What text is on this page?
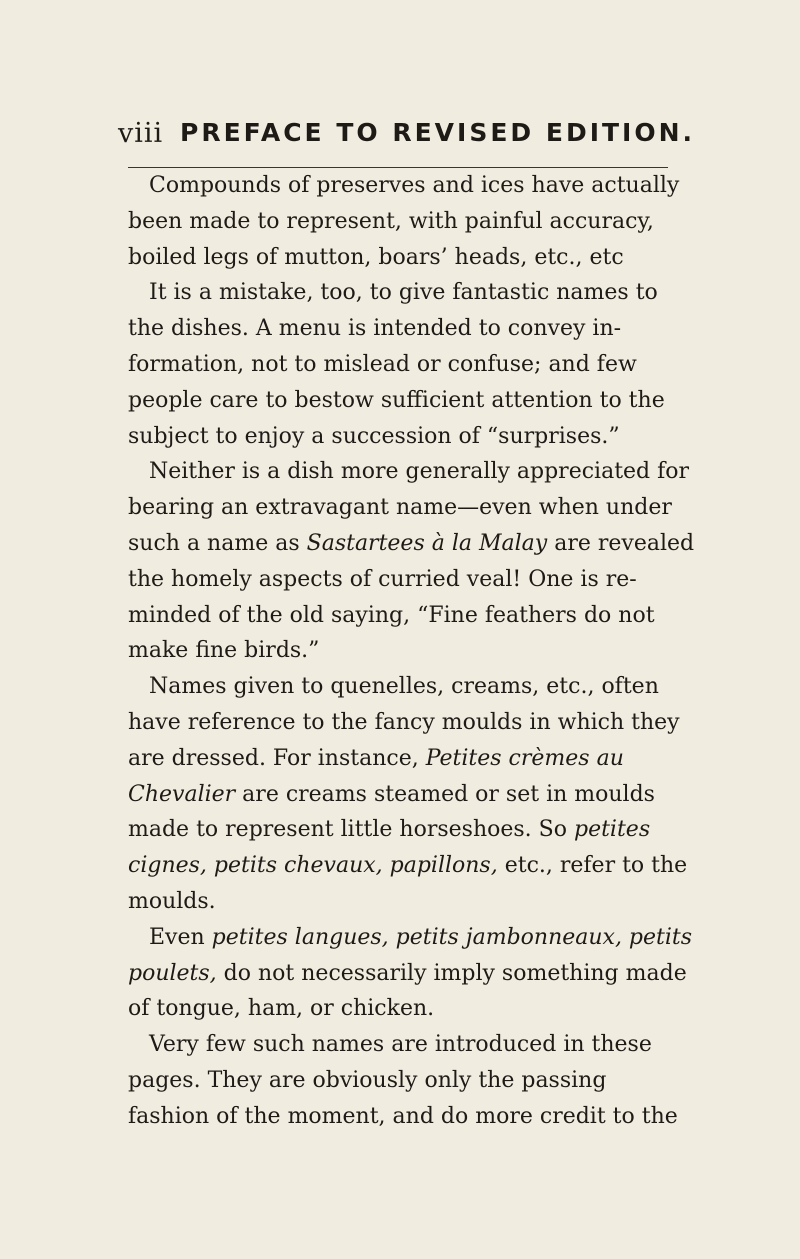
viii PREFACE TO REVISED EDITION.
Compounds of preserves and ices have actually
been made to represent, with painful accuracy,
boiled legs of mutton, boars’ heads, etc., etc
It is a mistake, too, to give fantastic names to
the dishes. A menu is intended to convey in-
formation, not to mislead or confuse; and few
people care to bestow sufficient attention to the
subject to enjoy a succession of “surprises.”
Neither is a dish more generally appreciated for
bearing an extravagant name—even when under
such a name as Sastartees à la Malay are revealed
the homely aspects of curried veal! One is re-
minded of the old saying, “Fine feathers do not
make fine birds.”
Names given to quenelles, creams, etc., often
have reference to the fancy moulds in which they
are dressed. For instance, Petites crèmes au
Chevalier are creams steamed or set in moulds
made to represent little horseshoes. So petites
cignes, petits chevaux, papillons, etc., refer to the
moulds.
Even petites langues, petits jambonneaux, petits
poulets, do not necessarily imply something made
of tongue, ham, or chicken.
Very few such names are introduced in these
pages. They are obviously only the passing
fashion of the moment, and do more credit to the
